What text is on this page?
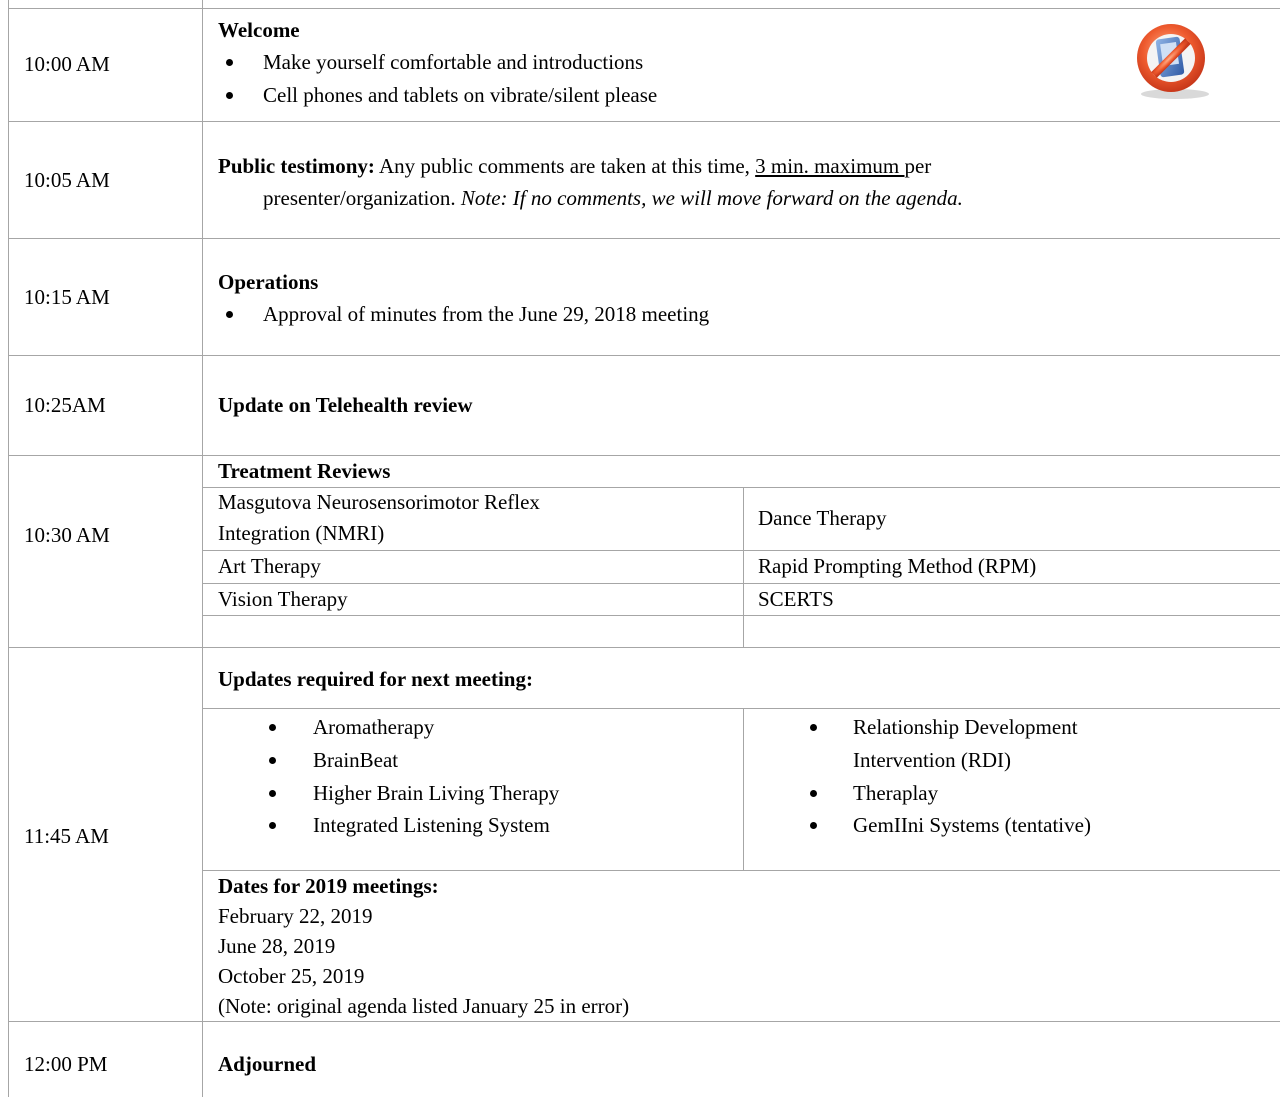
10:00 AM
10:05 AM
10:15 AM
10:25AM
10:30 AM
11:45 AM
12:00 PM
Welcome
Make yourself comfortable and introductions
Cell phones and tablets on vibrate/silent please
Public testimony: Any public comments are taken at this time, 3 min. maximum per
presenter/organization. Note: If no comments, we will move forward on the agenda.
Operations
Approval of minutes from the June 29, 2018 meeting
Update on Telehealth review
Treatment Reviews
Masgutova Neurosensorimotor Reflex
Integration (NMRI)
Art Therapy
Vision Therapy
Dance Therapy
Rapid Prompting Method (RPM)
SCERTS
Updates required for next meeting:
Aromatherapy
BrainBeat
Higher Brain Living Therapy
Integrated Listening System
Relationship Development
Intervention (RDI)
Theraplay
GemIIni Systems (tentative)
Dates for 2019 meetings:
February 22, 2019
June 28, 2019
October 25, 2019
(Note: original agenda listed January 25 in error)
Adjourned
